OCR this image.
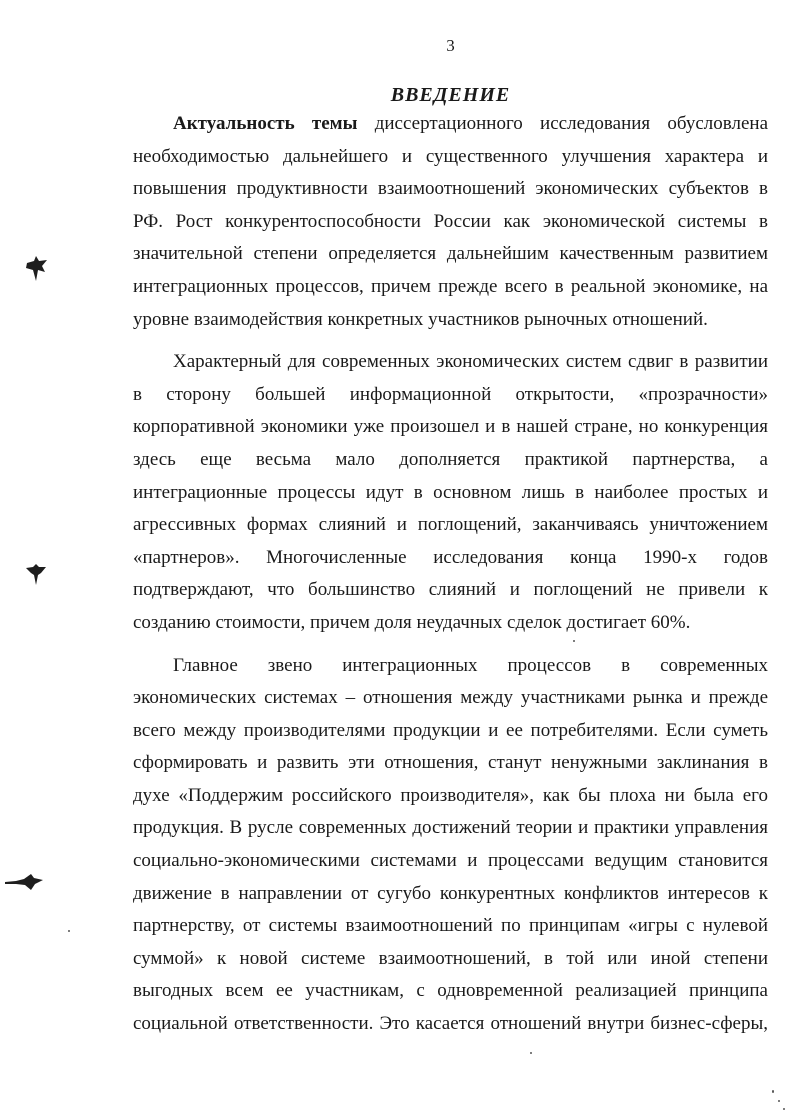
3
ВВЕДЕНИЕ
Актуальность темы диссертационного исследования обусловлена
необходимостью дальнейшего и существенного улучшения характера и
повышения продуктивности взаимоотношений экономических субъектов в
РФ. Рост конкурентоспособности России как экономической системы в
значительной степени определяется дальнейшим качественным развитием
интеграционных процессов, причем прежде всего в реальной экономике, на
уровне взаимодействия конкретных участников рыночных отношений.
Характерный для современных экономических систем сдвиг в развитии
в сторону большей информационной открытости, «прозрачности»
корпоративной экономики уже произошел и в нашей стране, но конкуренция
здесь еще весьма мало дополняется практикой партнерства, а
интеграционные процессы идут в основном лишь в наиболее простых и
агрессивных формах слияний и поглощений, заканчиваясь уничтожением
«партнеров». Многочисленные исследования конца 1990-х годов
подтверждают, что большинство слияний и поглощений не привели к
созданию стоимости, причем доля неудачных сделок достигает 60%.
Главное звено интеграционных процессов в современных
экономических системах – отношения между участниками рынка и прежде
всего между производителями продукции и ее потребителями. Если суметь
сформировать и развить эти отношения, станут ненужными заклинания в
духе «Поддержим российского производителя», как бы плоха ни была его
продукция. В русле современных достижений теории и практики управления
социально-экономическими системами и процессами ведущим становится
движение в направлении от сугубо конкурентных конфликтов интересов к
партнерству, от системы взаимоотношений по принципам «игры с нулевой
суммой» к новой системе взаимоотношений, в той или иной степени
выгодных всем ее участникам, с одновременной реализацией принципа
социальной ответственности. Это касается отношений внутри бизнес-сферы,
